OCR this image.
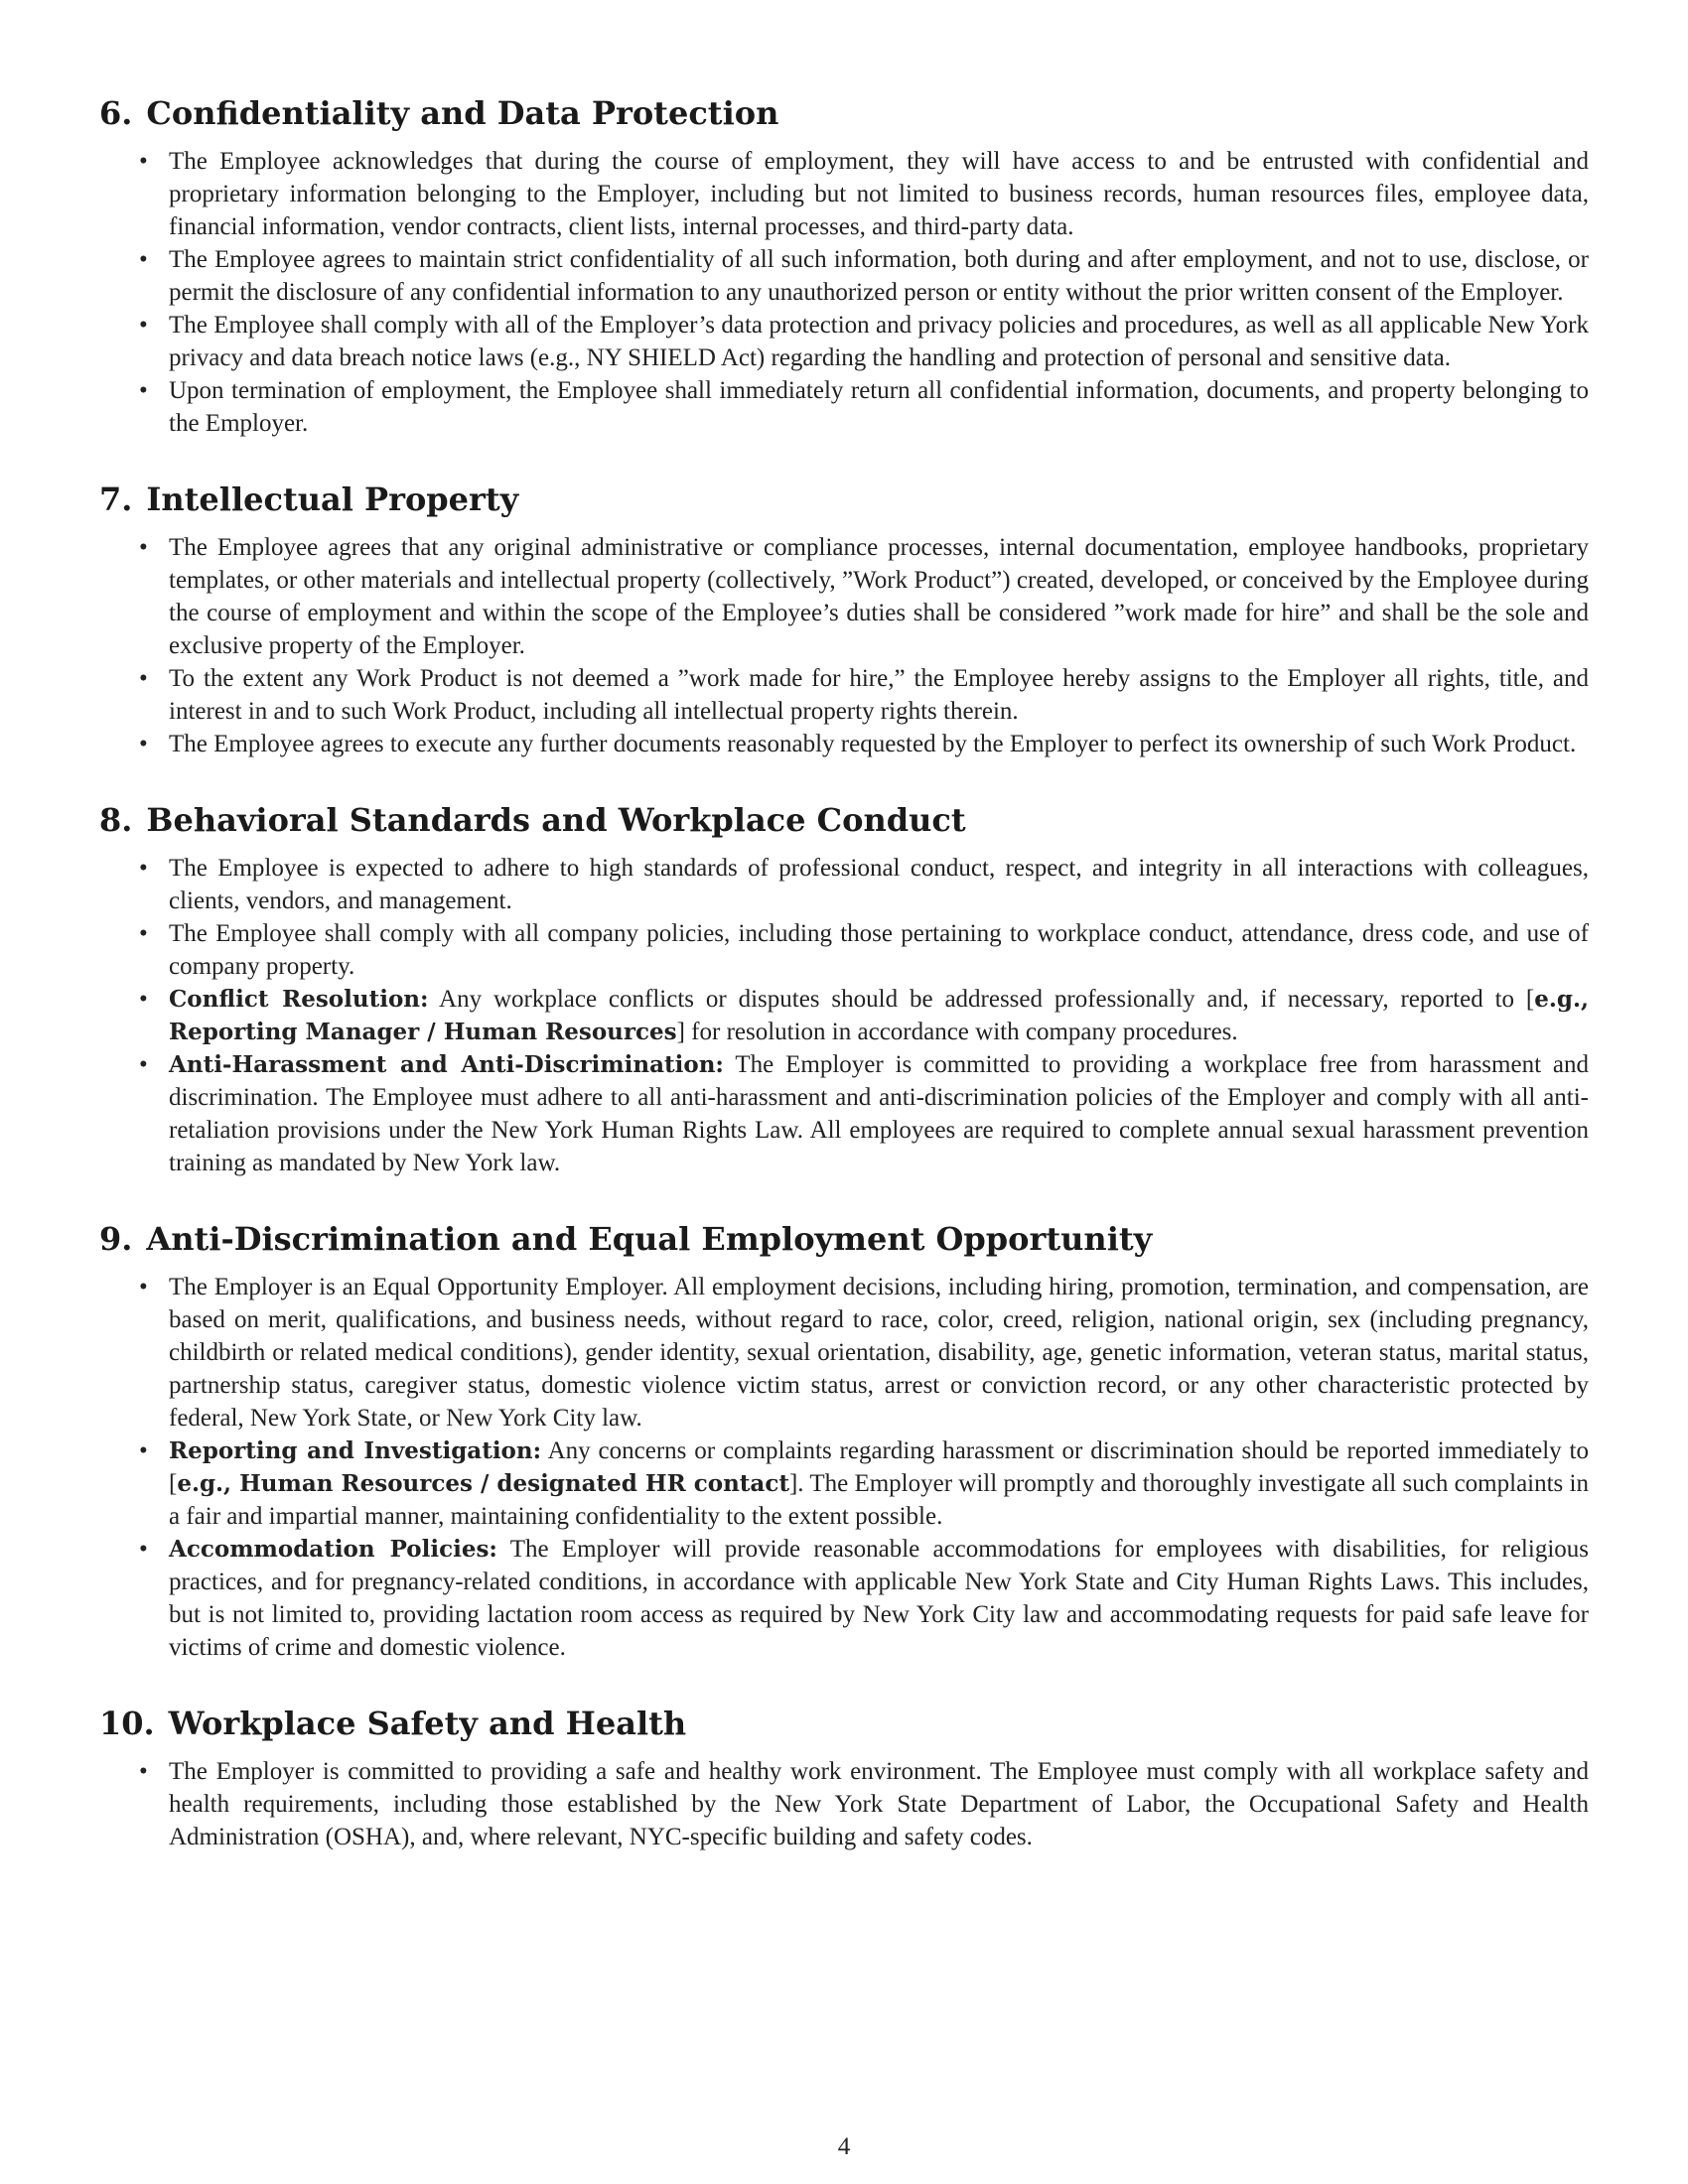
6. Confidentiality and Data Protection
• The Employee acknowledges that during the course of employment, they will have access to and be entrusted with confidential and proprietary information belonging to the Employer, including but not limited to business records, human resources files, employee data, financial information, vendor contracts, client lists, internal processes, and third-party data.
• The Employee agrees to maintain strict confidentiality of all such information, both during and after employment, and not to use, disclose, or permit the disclosure of any confidential information to any unauthorized person or entity without the prior written consent of the Employer.
• The Employee shall comply with all of the Employer’s data protection and privacy policies and procedures, as well as all applicable New York privacy and data breach notice laws (e.g., NY SHIELD Act) regarding the handling and protection of personal and sensitive data.
• Upon termination of employment, the Employee shall immediately return all confidential information, documents, and property belonging to the Employer.
7. Intellectual Property
• The Employee agrees that any original administrative or compliance processes, internal documentation, employee handbooks, proprietary templates, or other materials and intellectual property (collectively, ”Work Product”) created, developed, or conceived by the Employee during the course of employment and within the scope of the Employee’s duties shall be considered ”work made for hire” and shall be the sole and exclusive property of the Employer.
• To the extent any Work Product is not deemed a ”work made for hire,” the Employee hereby assigns to the Employer all rights, title, and interest in and to such Work Product, including all intellectual property rights therein.
• The Employee agrees to execute any further documents reasonably requested by the Employer to perfect its ownership of such Work Product.
8. Behavioral Standards and Workplace Conduct
• The Employee is expected to adhere to high standards of professional conduct, respect, and integrity in all interactions with colleagues, clients, vendors, and management.
• The Employee shall comply with all company policies, including those pertaining to workplace conduct, attendance, dress code, and use of company property.
• Conflict Resolution: Any workplace conflicts or disputes should be addressed professionally and, if necessary, reported to [e.g., Reporting Manager / Human Resources] for resolution in accordance with company procedures.
• Anti-Harassment and Anti-Discrimination: The Employer is committed to providing a workplace free from harassment and discrimination. The Employee must adhere to all anti-harassment and anti-discrimination policies of the Employer and comply with all anti-retaliation provisions under the New York Human Rights Law. All employees are required to complete annual sexual harassment prevention training as mandated by New York law.
9. Anti-Discrimination and Equal Employment Opportunity
• The Employer is an Equal Opportunity Employer. All employment decisions, including hiring, promotion, termination, and compensation, are based on merit, qualifications, and business needs, without regard to race, color, creed, religion, national origin, sex (including pregnancy, childbirth or related medical conditions), gender identity, sexual orientation, disability, age, genetic information, veteran status, marital status, partnership status, caregiver status, domestic violence victim status, arrest or conviction record, or any other characteristic protected by federal, New York State, or New York City law.
• Reporting and Investigation: Any concerns or complaints regarding harassment or discrimination should be reported immediately to [e.g., Human Resources / designated HR contact]. The Employer will promptly and thoroughly investigate all such complaints in a fair and impartial manner, maintaining confidentiality to the extent possible.
• Accommodation Policies: The Employer will provide reasonable accommodations for employees with disabilities, for religious practices, and for pregnancy-related conditions, in accordance with applicable New York State and City Human Rights Laws. This includes, but is not limited to, providing lactation room access as required by New York City law and accommodating requests for paid safe leave for victims of crime and domestic violence.
10. Workplace Safety and Health
• The Employer is committed to providing a safe and healthy work environment. The Employee must comply with all workplace safety and health requirements, including those established by the New York State Department of Labor, the Occupational Safety and Health Administration (OSHA), and, where relevant, NYC-specific building and safety codes.
4
